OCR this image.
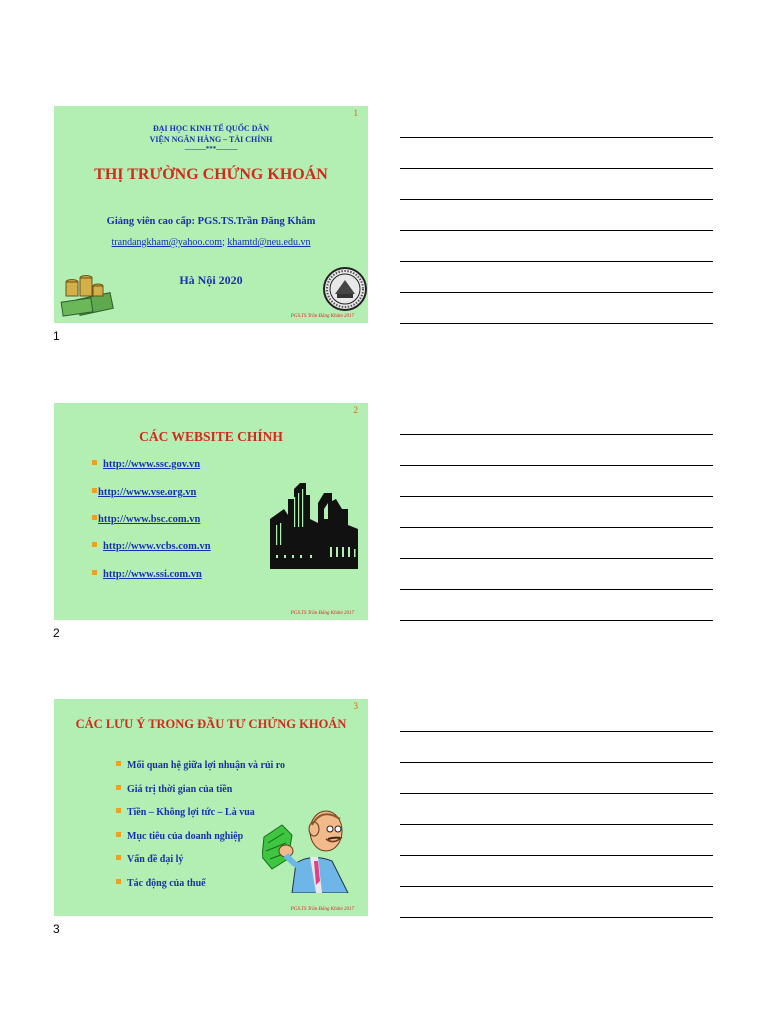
1
ĐẠI HỌC KINH TẾ QUỐC DÂN
VIỆN NGÂN HÀNG – TÀI CHÍNH
———***———
THỊ TRƯỜNG CHỨNG KHOÁN
Giảng viên cao cấp: PGS.TS.Trần Đăng Khâm
trandangkham@yahoo.com; khamtd@neu.edu.vn
Hà Nội 2020
PGS.TS Trần Đăng Khâm 2017
1
2
CÁC WEBSITE CHÍNH
http://www.ssc.gov.vn
http://www.vse.org.vn
http://www.bsc.com.vn
http://www.vcbs.com.vn
http://www.ssi.com.vn
PGS.TS Trần Đăng Khâm 2017
2
3
CÁC LƯU Ý TRONG ĐẦU TƯ CHỨNG KHOÁN
Mối quan hệ giữa lợi nhuận và rủi ro
Giá trị thời gian của tiền
Tiền – Không lợi tức – Là vua
Mục tiêu của doanh nghiệp
Vấn đề đại lý
Tác động của thuế
PGS.TS Trần Đăng Khâm 2017
3
